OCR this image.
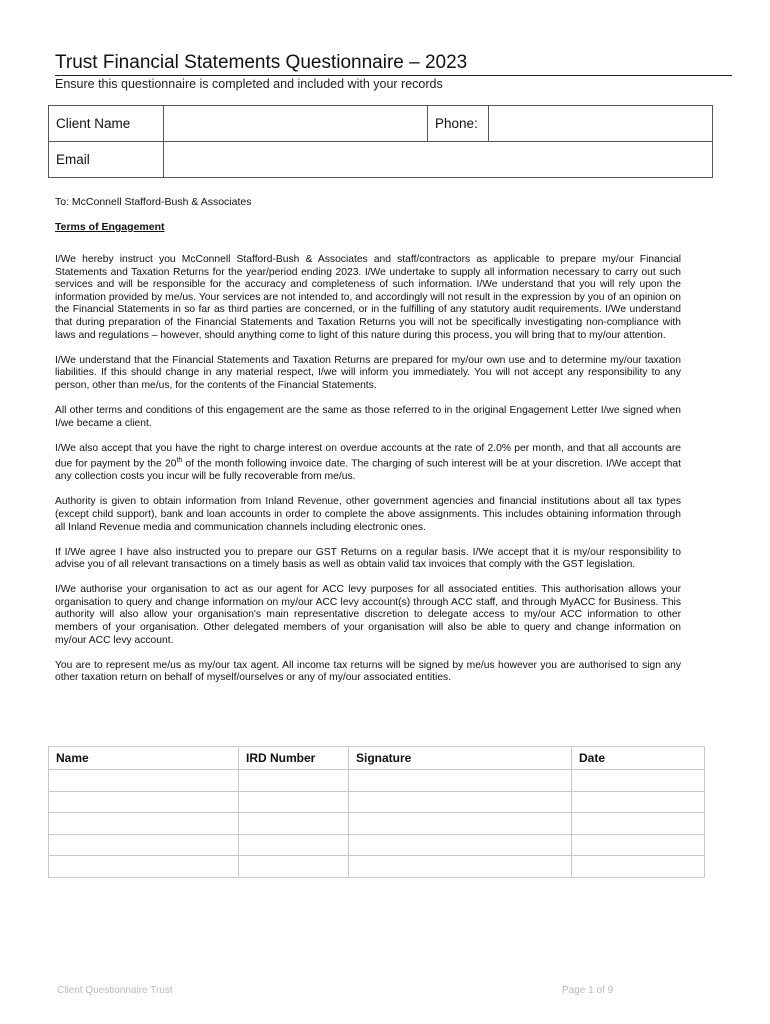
Trust Financial Statements Questionnaire – 2023
Ensure this questionnaire is completed and included with your records
Client Name		Phone:	
Email			
To: McConnell Stafford-Bush & Associates
Terms of Engagement

I/We hereby instruct you McConnell Stafford-Bush & Associates and staff/contractors as applicable to prepare my/our Financial Statements and Taxation Returns for the year/period ending 2023. I/We undertake to supply all information necessary to carry out such services and will be responsible for the accuracy and completeness of such information. I/We understand that you will rely upon the information provided by me/us. Your services are not intended to, and accordingly will not result in the expression by you of an opinion on the Financial Statements in so far as third parties are concerned, or in the fulfilling of any statutory audit requirements. I/We understand that during preparation of the Financial Statements and Taxation Returns you will not be specifically investigating non-compliance with laws and regulations – however, should anything come to light of this nature during this process, you will bring that to my/our attention.

I/We understand that the Financial Statements and Taxation Returns are prepared for my/our own use and to determine my/our taxation liabilities. If this should change in any material respect, I/we will inform you immediately. You will not accept any responsibility to any person, other than me/us, for the contents of the Financial Statements.

All other terms and conditions of this engagement are the same as those referred to in the original Engagement Letter I/we signed when I/we became a client.

I/We also accept that you have the right to charge interest on overdue accounts at the rate of 2.0% per month, and that all accounts are due for payment by the 20th of the month following invoice date. The charging of such interest will be at your discretion. I/We accept that any collection costs you incur will be fully recoverable from me/us.

Authority is given to obtain information from Inland Revenue, other government agencies and financial institutions about all tax types (except child support), bank and loan accounts in order to complete the above assignments. This includes obtaining information through all Inland Revenue media and communication channels including electronic ones.

If I/We agree I have also instructed you to prepare our GST Returns on a regular basis. I/We accept that it is my/our responsibility to advise you of all relevant transactions on a timely basis as well as obtain valid tax invoices that comply with the GST legislation.

I/We authorise your organisation to act as our agent for ACC levy purposes for all associated entities. This authorisation allows your organisation to query and change information on my/our ACC levy account(s) through ACC staff, and through MyACC for Business. This authority will also allow your organisation's main representative discretion to delegate access to my/our ACC information to other members of your organisation. Other delegated members of your organisation will also be able to query and change information on my/our ACC levy account.

You are to represent me/us as my/our tax agent. All income tax returns will be signed by me/us however you are authorised to sign any other taxation return on behalf of myself/ourselves or any of my/our associated entities.

Name	IRD Number	Signature	Date

Client Questionnaire Trust	Page 1 of 9
